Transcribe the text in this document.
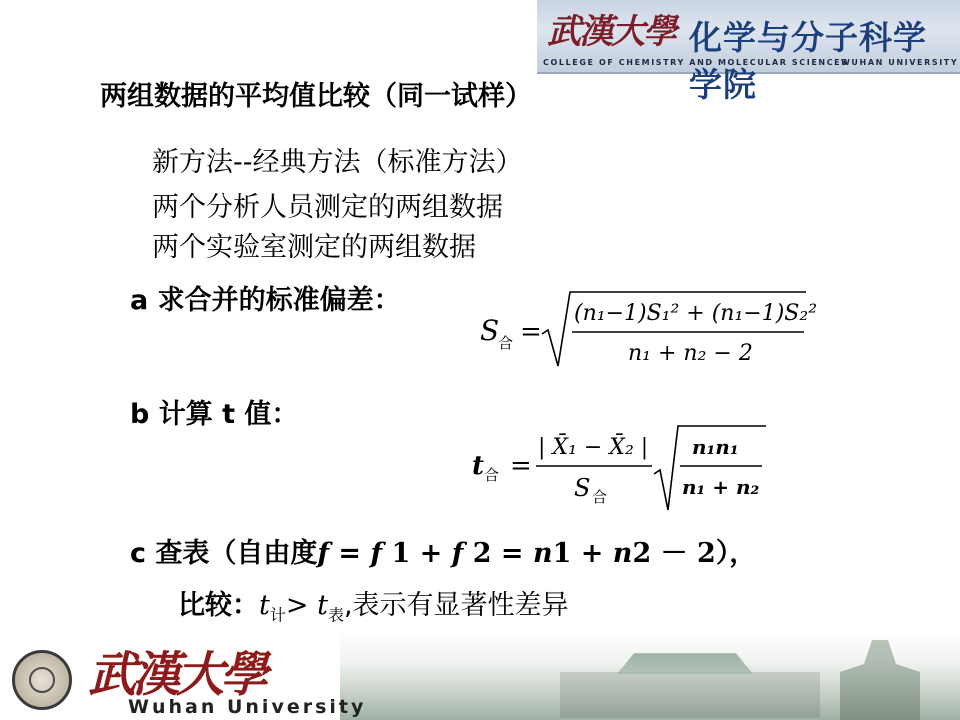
武漢大學 化学与分子科学学院
COLLEGE OF CHEMISTRY AND MOLECULAR SCIENCES
WUHAN UNIVERSITY
两组数据的平均值比较（同一试样）
新方法--经典方法（标准方法）
两个分析人员测定的两组数据
两个实验室测定的两组数据
a 求合并的标准偏差：
S
合 =
(n₁−1)S₁² + (n₁−1)S₂²
n₁ + n₂ − 2
b 计算 t 值：
t 合 =
| X̄₁ − X̄₂ |
S 合
n₁n₁
n₁ + n₂
c 查表（自由度f = f 1 + f 2 = n1 + n2 － 2），
比较：$t_计> t_表$,表示有显著性差异
武漢大學
Wuhan University
